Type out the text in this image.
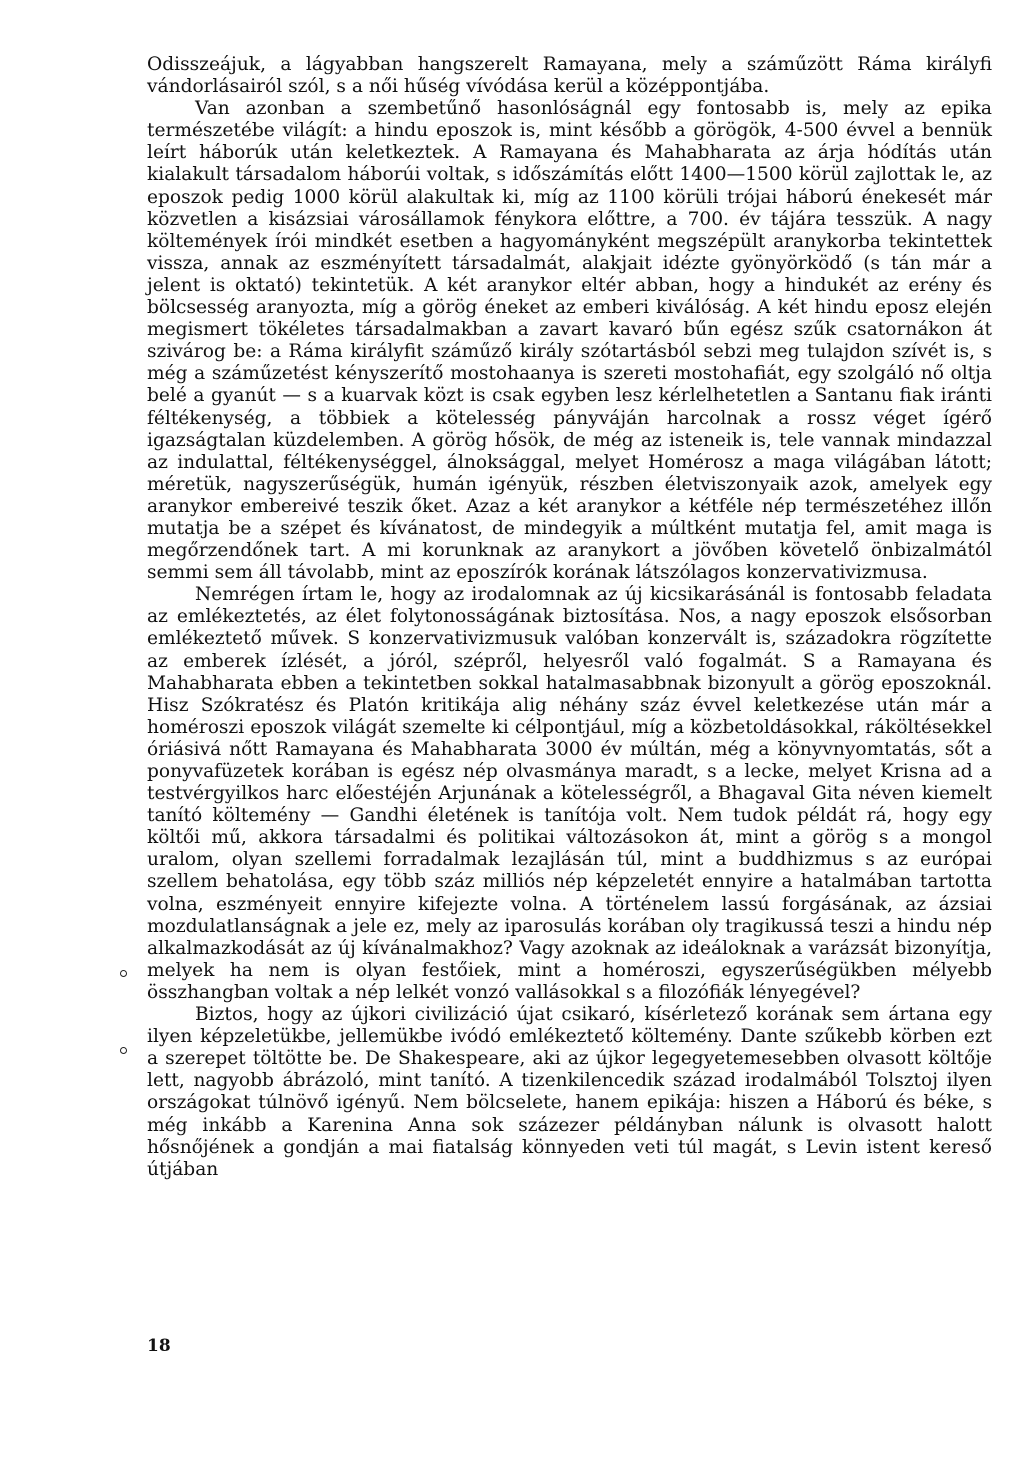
Odisszeájuk, a lágyabban hangszerelt Ramayana, mely a száműzött Ráma királyfi vándorlásairól szól, s a női hűség vívódása kerül a középpontjába.

Van azonban a szembetűnő hasonlóságnál egy fontosabb is, mely az epika természetébe világít: a hindu eposzok is, mint később a görögök, 4-500 évvel a bennük leírt háborúk után keletkeztek. A Ramayana és Mahabharata az árja hódítás után kialakult társadalom háborúi voltak, s időszámítás előtt 1400—1500 körül zajlottak le, az eposzok pedig 1000 körül alakultak ki, míg az 1100 körüli trójai háború énekesét már közvetlen a kisázsiai városállamok fénykora előttre, a 700. év tájára tesszük. A nagy költemények írói mindkét esetben a hagyományként megszépült aranykorba tekintettek vissza, annak az eszményített társadalmát, alakjait idézte gyönyörködő (s tán már a jelent is oktató) tekintetük. A két aranykor eltér abban, hogy a hindukét az erény és bölcsesség aranyozta, míg a görög éneket az emberi kiválóság. A két hindu eposz elején megismert tökéletes társadalmakban a zavart kavaró bűn egész szűk csatornákon át szivárog be: a Ráma királyfit száműző király szótartásból sebzi meg tulajdon szívét is, s még a száműzetést kényszerítő mostohaanya is szereti mostohafiát, egy szolgáló nő oltja belé a gyanút — s a kuarvak közt is csak egyben lesz kérlelhetetlen a Santanu fiak iránti féltékenység, a többiek a kötelesség pányváján harcolnak a rossz véget ígérő igazságtalan küzdelemben. A görög hősök, de még az isteneik is, tele vannak mindazzal az indulattal, féltékenységgel, álnoksággal, melyet Homérosz a maga világában látott; méretük, nagyszerűségük, humán igényük, részben életviszonyaik azok, amelyek egy aranykor embereivé teszik őket. Azaz a két aranykor a kétféle nép természetéhez illőn mutatja be a szépet és kívánatost, de mindegyik a múltként mutatja fel, amit maga is megőrzendőnek tart. A mi korunknak az aranykort a jövőben követelő önbizalmától semmi sem áll távolabb, mint az eposzírók korának látszólagos konzervativizmusa.

Nemrégen írtam le, hogy az irodalomnak az új kicsikarásánál is fontosabb feladata az emlékeztetés, az élet folytonosságának biztosítása. Nos, a nagy eposzok elsősorban emlékeztető művek. S konzervativizmusuk valóban konzervált is, századokra rögzítette az emberek ízlését, a jóról, szépről, helyesről való fogalmát. S a Ramayana és Mahabharata ebben a tekintetben sokkal hatalmasabbnak bizonyult a görög eposzoknál. Hisz Szókratész és Platón kritikája alig néhány száz évvel keletkezése után már a homéroszi eposzok világát szemelte ki célpontjául, míg a közbetoldásokkal, ráköltésekkel óriásivá nőtt Ramayana és Mahabharata 3000 év múltán, még a könyvnyomtatás, sőt a ponyvafüzetek korában is egész nép olvasmánya maradt, s a lecke, melyet Krisna ad a testvérgyilkos harc előestéjén Arjunának a kötelességről, a Bhagaval Gita néven kiemelt tanító költemény — Gandhi életének is tanítója volt. Nem tudok példát rá, hogy egy költői mű, akkora társadalmi és politikai változásokon át, mint a görög s a mongol uralom, olyan szellemi forradalmak lezajlásán túl, mint a buddhizmus s az európai szellem behatolása, egy több száz milliós nép képzeletét ennyire a hatalmában tartotta volna, eszményeit ennyire kifejezte volna. A történelem lassú forgásának, az ázsiai mozdulatlanságnak a jele ez, mely az iparosulás korában oly tragikussá teszi a hindu nép alkalmazkodását az új kívánalmakhoz? Vagy azoknak az ideáloknak a varázsát bizonyítja, melyek ha nem is olyan festőiek, mint a homéroszi, egyszerűségükben mélyebb összhangban voltak a nép lelkét vonzó vallásokkal s a filozófiák lényegével?

Biztos, hogy az újkori civilizáció újat csikaró, kísérletező korának sem ártana egy ilyen képzeletükbe, jellemükbe ivódó emlékeztető költemény. Dante szűkebb körben ezt a szerepet töltötte be. De Shakespeare, aki az újkor legegyetemesebben olvasott költője lett, nagyobb ábrázoló, mint tanító. A tizenkilencedik század irodalmából Tolsztoj ilyen országokat túlnövő igényű. Nem bölcselete, hanem epikája: hiszen a Háború és béke, s még inkább a Karenina Anna sok százezer példányban nálunk is olvasott halott hősnőjének a gondján a mai fiatalság könnyeden veti túl magát, s Levin istent kereső útjában

18
